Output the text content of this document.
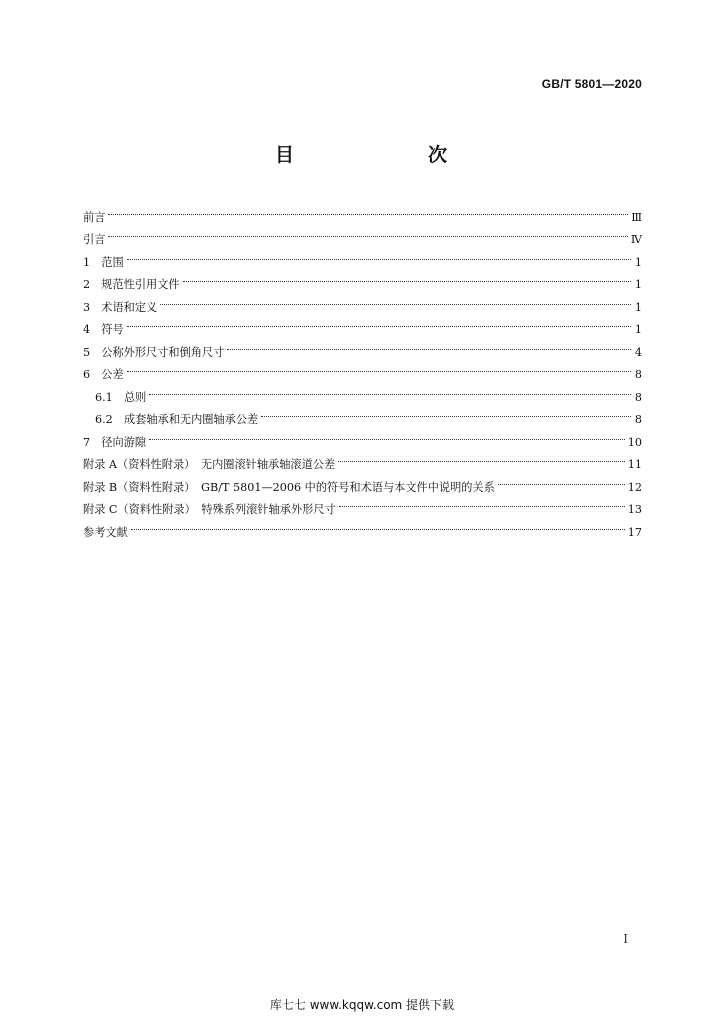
GB/T 5801—2020
目　　次
前言	Ⅲ
引言	Ⅳ
1　范围	1
2　规范性引用文件	1
3　术语和定义	1
4　符号	1
5　公称外形尺寸和倒角尺寸	4
6　公差	8
6.1　总则	8
6.2　成套轴承和无内圈轴承公差	8
7　径向游隙	10
附录 A（资料性附录）　无内圈滚针轴承轴滚道公差	11
附录 B（资料性附录）　GB/T 5801—2006 中的符号和术语与本文件中说明的关系	12
附录 C（资料性附录）　特殊系列滚针轴承外形尺寸	13
参考文献	17
I
库七七 www.kqqw.com 提供下载
